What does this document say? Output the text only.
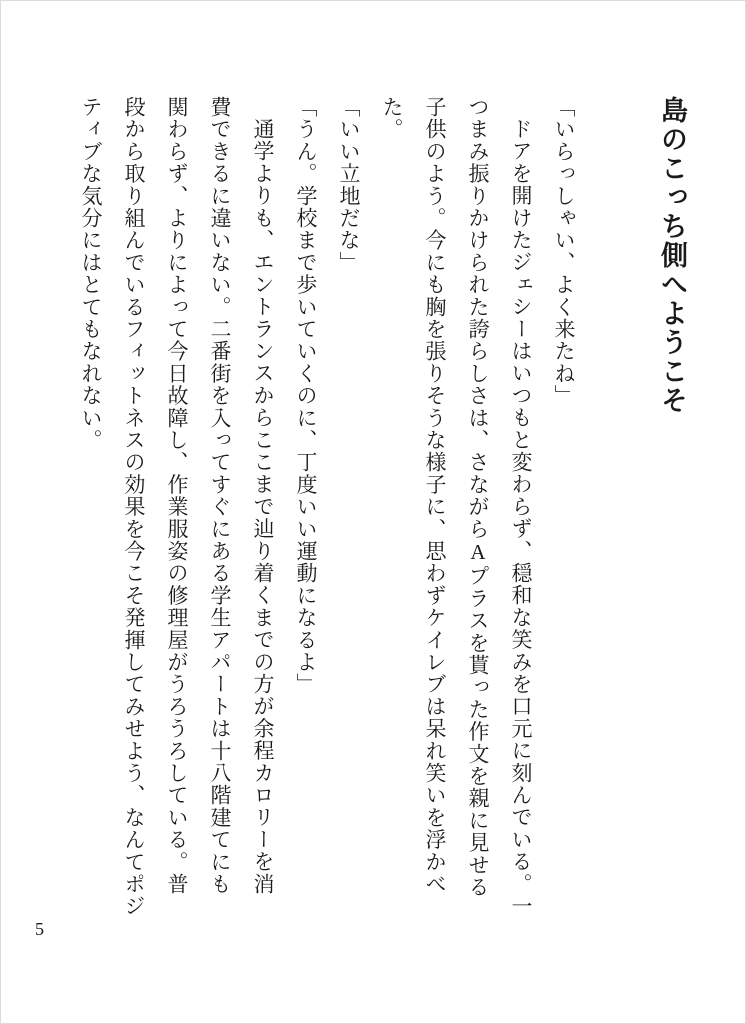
島のこっち側へようこそ

「いらっしゃい、よく来たね」

ドアを開けたジェシーはいつもと変わらず、穏和な笑みを口元に刻んでいる。一

つまみ振りかけられた誇らしさは、さながらAプラスを貰った作文を親に見せる

子供のよう。今にも胸を張りそうな様子に、思わずケイレブは呆れ笑いを浮かべ

た。

「いい立地だな」

「うん。学校まで歩いていくのに、丁度いい運動になるよ」

通学よりも、エントランスからここまで辿り着くまでの方が余程カロリーを消

費できるに違いない。二番街を入ってすぐにある学生アパートは十八階建てにも

関わらず、よりによって今日故障し、作業服姿の修理屋がうろうろしている。普

段から取り組んでいるフィットネスの効果を今こそ発揮してみせよう、なんてポジ

ティブな気分にはとてもなれない。

5
